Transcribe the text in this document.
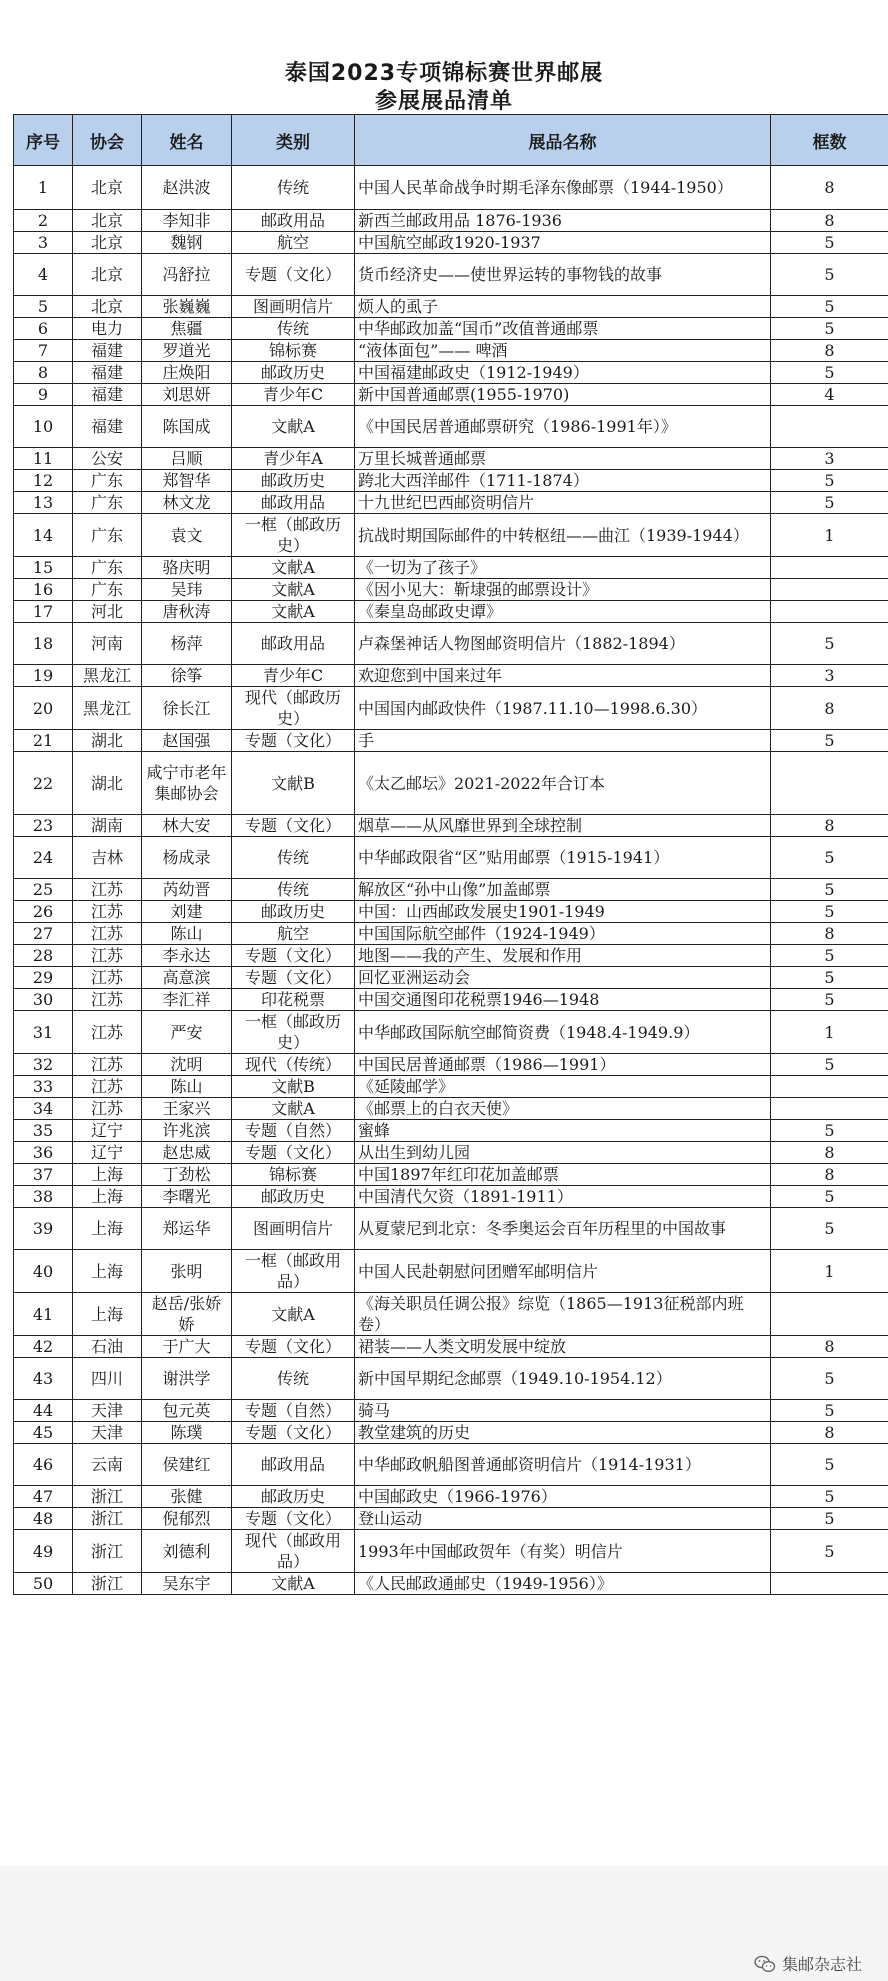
泰国2023专项锦标赛世界邮展
参展展品清单
序号	协会	姓名	类别	展品名称	框数
1	北京	赵洪波	传统	中国人民革命战争时期毛泽东像邮票（1944-1950）	8
2	北京	李知非	邮政用品	新西兰邮政用品 1876-1936	8
3	北京	魏钢	航空	中国航空邮政1920-1937	5
4	北京	冯舒拉	专题（文化）	货币经济史——使世界运转的事物钱的故事	5
5	北京	张巍巍	图画明信片	烦人的虱子	5
6	电力	焦疆	传统	中华邮政加盖“国币”改值普通邮票	5
7	福建	罗道光	锦标赛	“液体面包”—— 啤酒	8
8	福建	庄焕阳	邮政历史	中国福建邮政史（1912-1949）	5
9	福建	刘思妍	青少年C	新中国普通邮票(1955-1970)	4
10	福建	陈国成	文献A	《中国民居普通邮票研究（1986-1991年）》	
11	公安	吕顺	青少年A	万里长城普通邮票	3
12	广东	郑智华	邮政历史	跨北大西洋邮件（1711-1874）	5
13	广东	林文龙	邮政用品	十九世纪巴西邮资明信片	5
14	广东	袁文	一框（邮政历史）	抗战时期国际邮件的中转枢纽——曲江（1939-1944）	1
15	广东	骆庆明	文献A	《一切为了孩子》	
16	广东	吴玮	文献A	《因小见大：靳埭强的邮票设计》	
17	河北	唐秋涛	文献A	《秦皇岛邮政史谭》	
18	河南	杨萍	邮政用品	卢森堡神话人物图邮资明信片（1882-1894）	5
19	黑龙江	徐筝	青少年C	欢迎您到中国来过年	3
20	黑龙江	徐长江	现代（邮政历史）	中国国内邮政快件（1987.11.10—1998.6.30）	8
21	湖北	赵国强	专题（文化）	手	5
22	湖北	咸宁市老年集邮协会	文献B	《太乙邮坛》2021-2022年合订本	
23	湖南	林大安	专题（文化）	烟草——从风靡世界到全球控制	8
24	吉林	杨成录	传统	中华邮政限省“区”贴用邮票（1915-1941）	5
25	江苏	芮幼晋	传统	解放区“孙中山像”加盖邮票	5
26	江苏	刘建	邮政历史	中国：山西邮政发展史1901-1949	5
27	江苏	陈山	航空	中国国际航空邮件（1924-1949）	8
28	江苏	李永达	专题（文化）	地图——我的产生、发展和作用	5
29	江苏	高意滨	专题（文化）	回忆亚洲运动会	5
30	江苏	李汇祥	印花税票	中国交通图印花税票1946—1948	5
31	江苏	严安	一框（邮政历史）	中华邮政国际航空邮简资费（1948.4-1949.9）	1
32	江苏	沈明	现代（传统）	中国民居普通邮票（1986—1991）	5
33	江苏	陈山	文献B	《延陵邮学》	
34	江苏	王家兴	文献A	《邮票上的白衣天使》	
35	辽宁	许兆滨	专题（自然）	蜜蜂	5
36	辽宁	赵忠威	专题（文化）	从出生到幼儿园	8
37	上海	丁劲松	锦标赛	中国1897年红印花加盖邮票	8
38	上海	李曙光	邮政历史	中国清代欠资（1891-1911）	5
39	上海	郑运华	图画明信片	从夏蒙尼到北京：冬季奥运会百年历程里的中国故事	5
40	上海	张明	一框（邮政用品）	中国人民赴朝慰问团赠军邮明信片	1
41	上海	赵岳/张娇娇	文献A	《海关职员任调公报》综览（1865—1913征税部内班卷）	
42	石油	于广大	专题（文化）	裙装——人类文明发展中绽放	8
43	四川	谢洪学	传统	新中国早期纪念邮票（1949.10-1954.12）	5
44	天津	包元英	专题（自然）	骑马	5
45	天津	陈璞	专题（文化）	教堂建筑的历史	8
46	云南	侯建红	邮政用品	中华邮政帆船图普通邮资明信片（1914-1931）	5
47	浙江	张健	邮政历史	中国邮政史（1966-1976）	5
48	浙江	倪郁烈	专题（文化）	登山运动	5
49	浙江	刘德利	现代（邮政用品）	1993年中国邮政贺年（有奖）明信片	5
50	浙江	吴东宇	文献A	《人民邮政通邮史（1949-1956）》	
集邮杂志社
